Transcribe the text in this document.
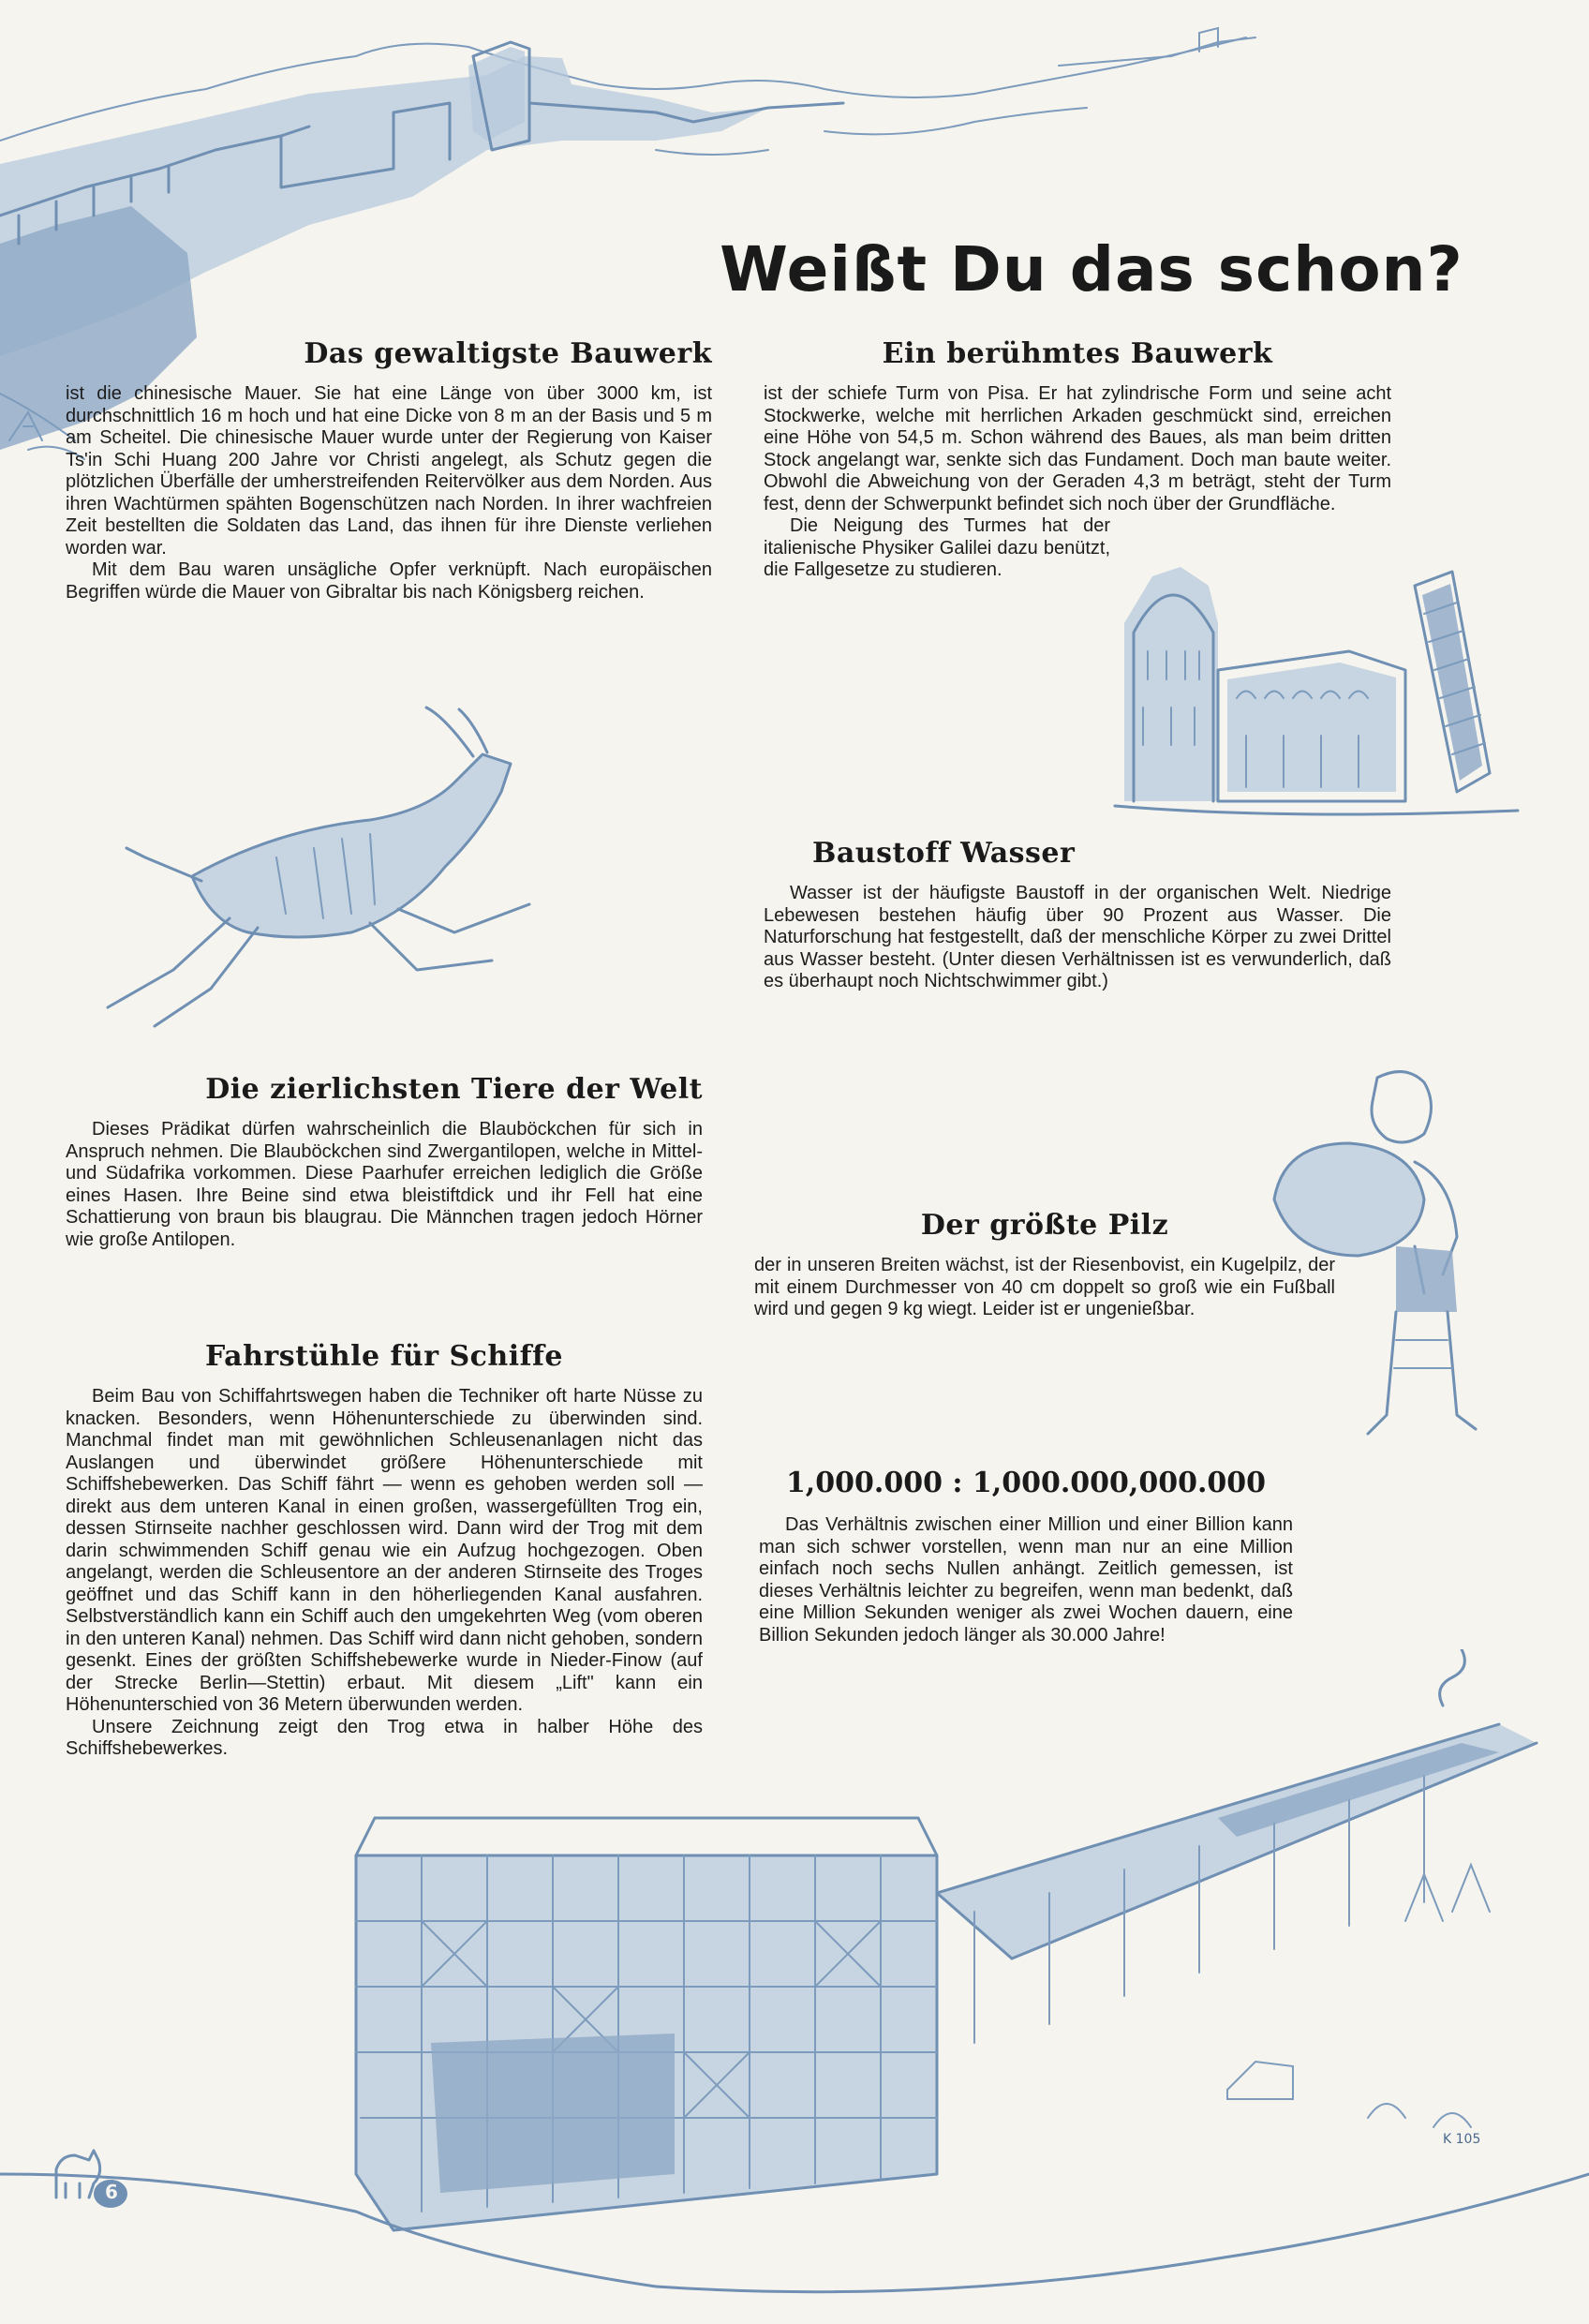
6
K 105
Weißt Du das schon?
Das gewaltigste Bauwerk

ist die chinesische Mauer. Sie hat eine Länge von über 3000 km, ist durchschnittlich 16 m hoch und hat eine Dicke von 8 m an der Basis und 5 m am Scheitel. Die chinesische Mauer wurde unter der Regierung von Kaiser Ts'in Schi Huang 200 Jahre vor Christi angelegt, als Schutz gegen die plötzlichen Überfälle der umherstreifenden Reitervölker aus dem Norden. Aus ihren Wachtürmen spähten Bogenschützen nach Norden. In ihrer wachfreien Zeit bestellten die Soldaten das Land, das ihnen für ihre Dienste verliehen worden war.

Mit dem Bau waren unsägliche Opfer verknüpft. Nach europäischen Begriffen würde die Mauer von Gibraltar bis nach Königsberg reichen.

Ein berühmtes Bauwerk

ist der schiefe Turm von Pisa. Er hat zylindrische Form und seine acht Stockwerke, welche mit herrlichen Arkaden geschmückt sind, erreichen eine Höhe von 54,5 m. Schon während des Baues, als man beim dritten Stock angelangt war, senkte sich das Fundament. Doch man baute weiter. Obwohl die Abweichung von der Geraden 4,3 m beträgt, steht der Turm fest, denn der Schwerpunkt befindet sich noch über der Grundfläche.

Die Neigung des Turmes hat der italienische Physiker Galilei dazu benützt, die Fallgesetze zu studieren.

Baustoff Wasser

Wasser ist der häufigste Baustoff in der organischen Welt. Niedrige Lebewesen bestehen häufig über 90 Prozent aus Wasser. Die Naturforschung hat festgestellt, daß der menschliche Körper zu zwei Drittel aus Wasser besteht. (Unter diesen Verhältnissen ist es verwunderlich, daß es überhaupt noch Nichtschwimmer gibt.)

Die zierlichsten Tiere der Welt

Dieses Prädikat dürfen wahrscheinlich die Blauböckchen für sich in Anspruch nehmen. Die Blauböckchen sind Zwergantilopen, welche in Mittel- und Südafrika vorkommen. Diese Paarhufer erreichen lediglich die Größe eines Hasen. Ihre Beine sind etwa bleistiftdick und ihr Fell hat eine Schattierung von braun bis blaugrau. Die Männchen tragen jedoch Hörner wie große Antilopen.	Der größte Pilz

der in unseren Breiten wächst, ist der Riesenbovist, ein Kugelpilz, der mit einem Durchmesser von 40 cm doppelt so groß wie ein Fußball wird und gegen 9 kg wiegt. Leider ist er ungenießbar.

Fahrstühle für Schiffe

Beim Bau von Schiffahrtswegen haben die Techniker oft harte Nüsse zu knacken. Besonders, wenn Höhenunterschiede zu überwinden sind. Manchmal findet man mit gewöhnlichen Schleusenanlagen nicht das Auslangen und überwindet größere Höhenunterschiede mit Schiffshebewerken. Das Schiff fährt — wenn es gehoben werden soll — direkt aus dem unteren Kanal in einen großen, wassergefüllten Trog ein, dessen Stirnseite nachher geschlossen wird. Dann wird der Trog mit dem darin schwimmenden Schiff genau wie ein Aufzug hochgezogen. Oben angelangt, werden die Schleusentore an der anderen Stirnseite des Troges geöffnet und das Schiff kann in den höherliegenden Kanal ausfahren. Selbstverständlich kann ein Schiff auch den umgekehrten Weg (vom oberen in den unteren Kanal) nehmen. Das Schiff wird dann nicht gehoben, sondern gesenkt. Eines der größten Schiffshebewerke wurde in Nieder-Finow (auf der Strecke Berlin—Stettin) erbaut. Mit diesem „Lift" kann ein Höhenunterschied von 36 Metern überwunden werden.

Unsere Zeichnung zeigt den Trog etwa in halber Höhe des Schiffshebewerkes.

1,000.000 : 1,000.000,000.000

Das Verhältnis zwischen einer Million und einer Billion kann man sich schwer vorstellen, wenn man nur an eine Million einfach noch sechs Nullen anhängt. Zeitlich gemessen, ist dieses Verhältnis leichter zu begreifen, wenn man bedenkt, daß eine Million Sekunden weniger als zwei Wochen dauern, eine Billion Sekunden jedoch länger als 30.000 Jahre!
